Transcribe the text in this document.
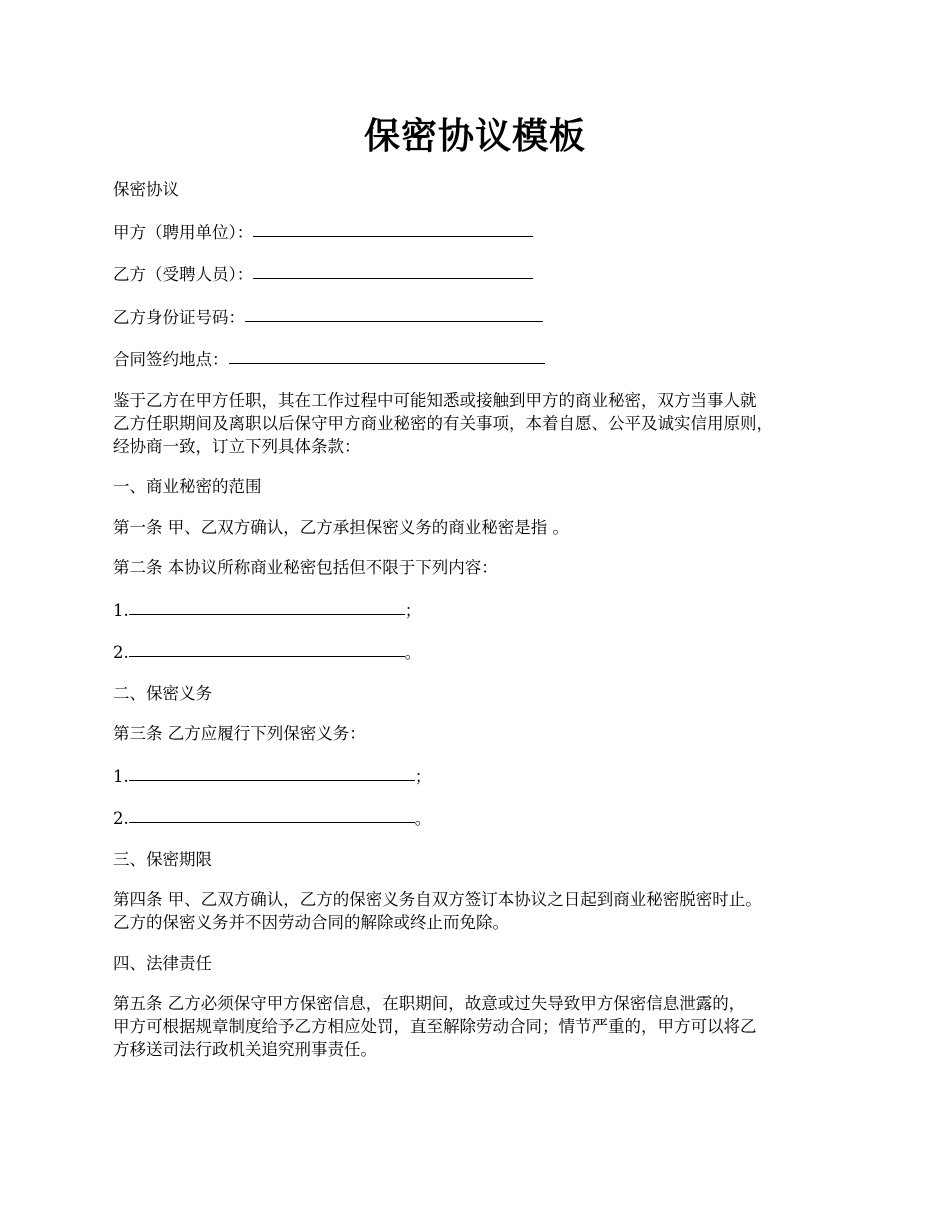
保密协议模板

保密协议

甲方（聘用单位）：

乙方（受聘人员）：

乙方身份证号码：

合同签约地点：

鉴于乙方在甲方任职，其在工作过程中可能知悉或接触到甲方的商业秘密，双方当事人就
乙方任职期间及离职以后保守甲方商业秘密的有关事项，本着自愿、公平及诚实信用原则，
经协商一致，订立下列具体条款：

一、商业秘密的范围

第一条 甲、乙双方确认，乙方承担保密义务的商业秘密是指 。

第二条 本协议所称商业秘密包括但不限于下列内容：

1.	；

2.	。

二、保密义务

第三条 乙方应履行下列保密义务：

1.	；

2.	。

三、保密期限

第四条 甲、乙双方确认，乙方的保密义务自双方签订本协议之日起到商业秘密脱密时止。
乙方的保密义务并不因劳动合同的解除或终止而免除。

四、法律责任

第五条 乙方必须保守甲方保密信息，在职期间，故意或过失导致甲方保密信息泄露的，
甲方可根据规章制度给予乙方相应处罚，直至解除劳动合同；情节严重的，甲方可以将乙
方移送司法行政机关追究刑事责任。
